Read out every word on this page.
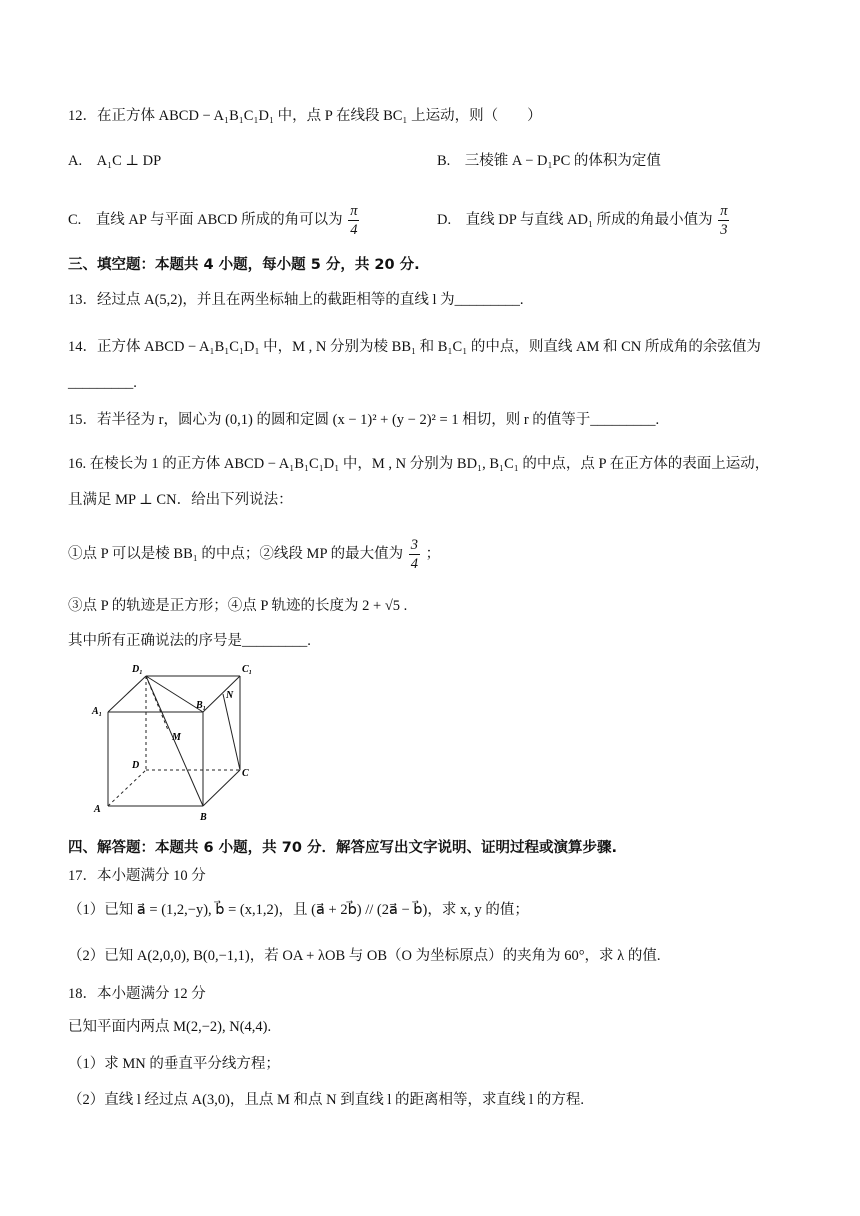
12．在正方体 ABCD − A₁B₁C₁D₁ 中，点 P 在线段 BC₁ 上运动，则（　　）
A.　A₁C ⊥ DP	B.　三棱锥 A − D₁PC 的体积为定值
C.　直线 AP 与平面 ABCD 所成的角可以为 $\frac{\pi}{4}$	D.　直线 DP 与直线 AD₁ 所成的角最小值为 $\frac{\pi}{3}$
三、填空题：本题共 4 小题，每小题 5 分，共 20 分.
13．经过点 A(5,2)，并且在两坐标轴上的截距相等的直线 l 为_________.
14．正方体 ABCD − A₁B₁C₁D₁ 中，M , N 分别为棱 BB₁ 和 B₁C₁ 的中点，则直线 AM 和 CN 所成角的余弦值为
_________.
15．若半径为 r，圆心为 (0,1) 的圆和定圆 (x − 1)² + (y − 2)² = 1 相切，则 r 的值等于_________.
16. 在棱长为 1 的正方体 ABCD − A₁B₁C₁D₁ 中，M , N 分别为 BD₁, B₁C₁ 的中点，点 P 在正方体的表面上运动，
且满足 MP ⊥ CN．给出下列说法：
①点 P 可以是棱 BB₁ 的中点；②线段 MP 的最大值为 $\frac{3}{4}$ ；
③点 P 的轨迹是正方形；④点 P 轨迹的长度为 2 + √5 .
其中所有正确说法的序号是_________.
D₁	C₁
A₁
B₁
N
M
D
C
A
B
四、解答题：本题共 6 小题，共 70 分．解答应写出文字说明、证明过程或演算步骤.
17．本小题满分 10 分
（1）已知 a⃗ = (1,2,−y), b⃗ = (x,1,2)，且 (a⃗ + 2b⃗) // (2a⃗ − b⃗)，求 x, y 的值；
（2）已知 A(2,0,0), B(0,−1,1)，若 OA + λOB 与 OB（O 为坐标原点）的夹角为 60°，求 λ 的值.
18．本小题满分 12 分
已知平面内两点 M(2,−2), N(4,4).
（1）求 MN 的垂直平分线方程；
（2）直线 l 经过点 A(3,0)，且点 M 和点 N 到直线 l 的距离相等，求直线 l 的方程.
